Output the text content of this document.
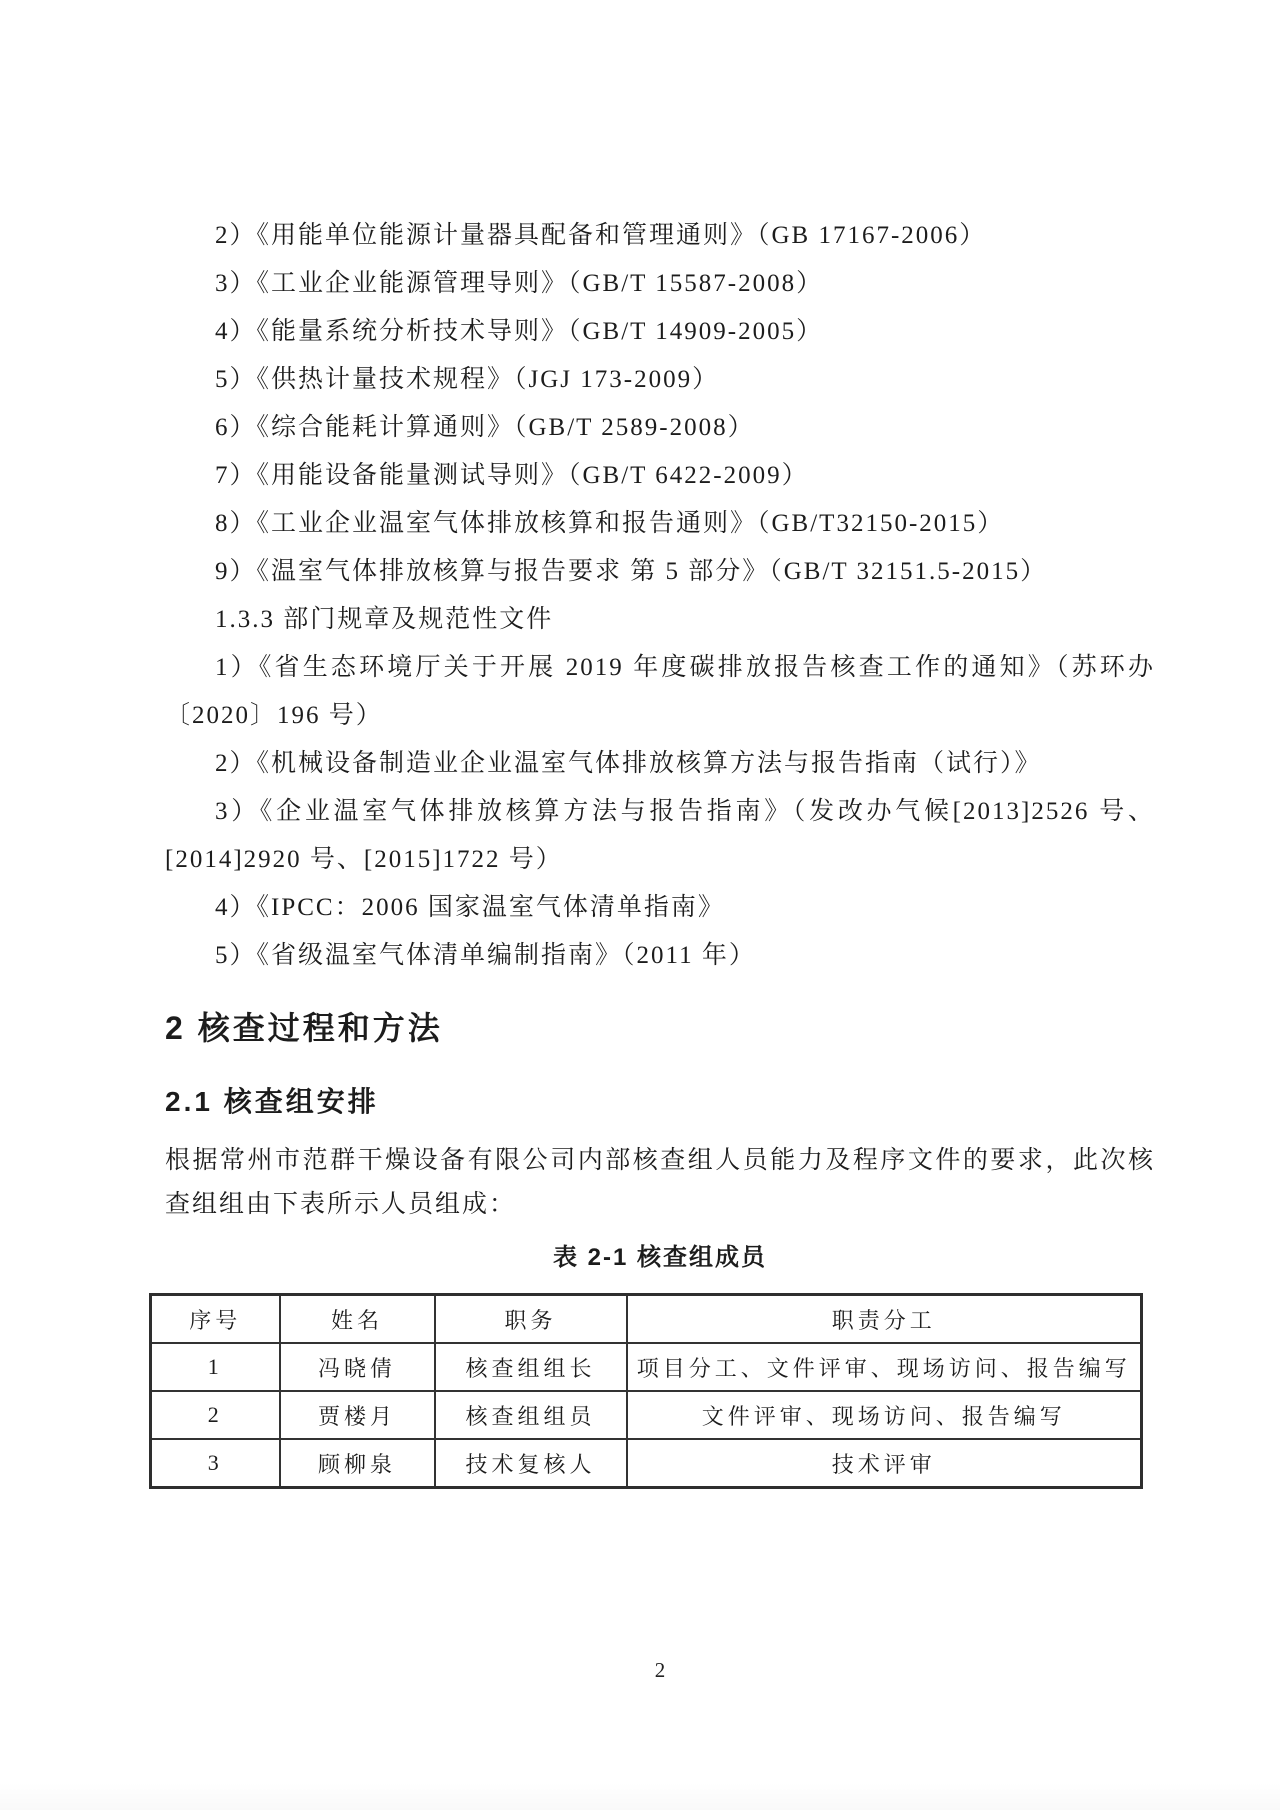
2）《用能单位能源计量器具配备和管理通则》（GB 17167-2006）

3）《工业企业能源管理导则》（GB/T 15587-2008）

4）《能量系统分析技术导则》（GB/T 14909-2005）

5）《供热计量技术规程》（JGJ 173-2009）

6）《综合能耗计算通则》（GB/T 2589-2008）

7）《用能设备能量测试导则》（GB/T 6422-2009）

8）《工业企业温室气体排放核算和报告通则》（GB/T32150-2015）

9）《温室气体排放核算与报告要求 第 5 部分》（GB/T 32151.5-2015）

1.3.3 部门规章及规范性文件

1）《省生态环境厅关于开展 2019 年度碳排放报告核查工作的通知》（苏环办〔2020〕196 号）

2）《机械设备制造业企业温室气体排放核算方法与报告指南（试行）》

3）《企业温室气体排放核算方法与报告指南》（发改办气候[2013]2526 号、[2014]2920 号、[2015]1722 号）

4）《IPCC：2006 国家温室气体清单指南》

5）《省级温室气体清单编制指南》（2011 年）

2 核查过程和方法
2.1 核查组安排

根据常州市范群干燥设备有限公司内部核查组人员能力及程序文件的要求，此次核查组组由下表所示人员组成：

表 2-1 核查组成员
序号	姓名	职务	职责分工
1	冯晓倩	核查组组长	项目分工、文件评审、现场访问、报告编写
2	贾楼月	核查组组员	文件评审、现场访问、报告编写
3	顾柳泉	技术复核人	技术评审
2
